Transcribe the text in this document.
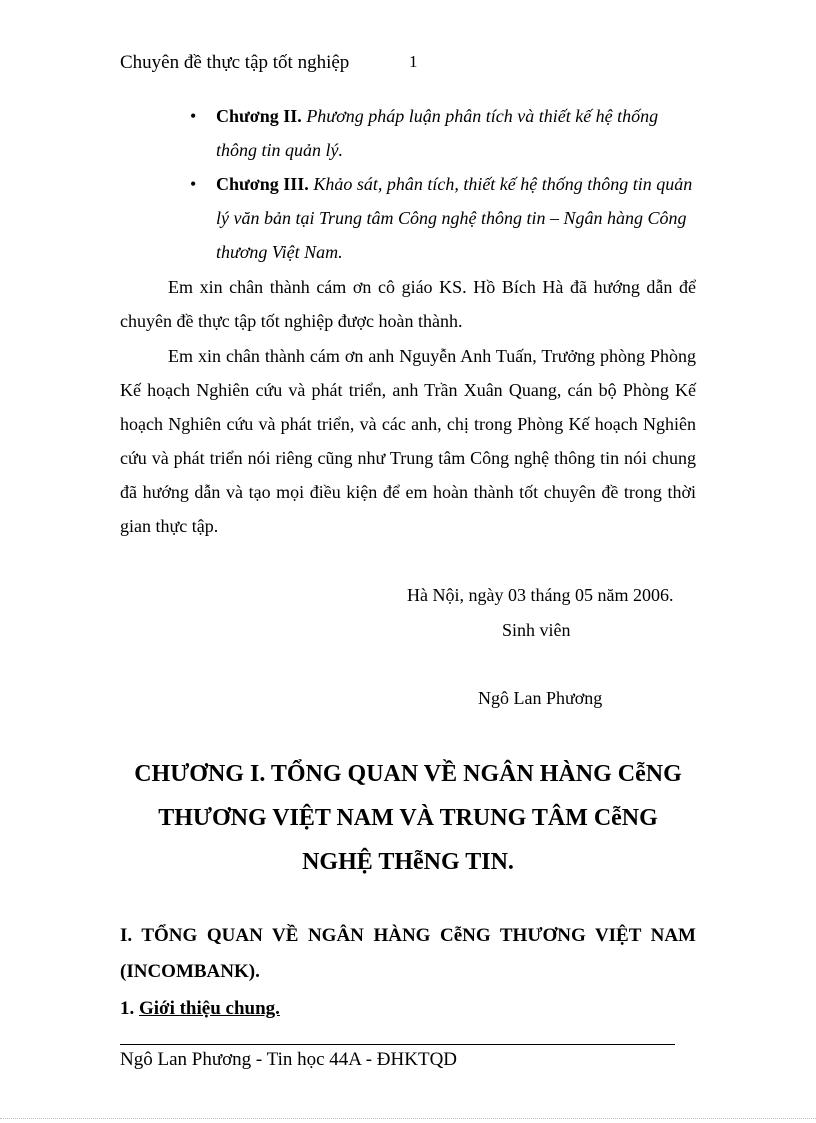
Chuyên đề thực tập tốt nghiệp	1

• Chương II. Phương pháp luận phân tích và thiết kế hệ thống thông tin quản lý.

• Chương III. Khảo sát, phân tích, thiết kế hệ thống thông tin quản lý văn bản tại Trung tâm Công nghệ thông tin – Ngân hàng Công thương Việt Nam.

Em xin chân thành cám ơn cô giáo KS. Hồ Bích Hà đã hướng dẫn để chuyên đề thực tập tốt nghiệp được hoàn thành.

Em xin chân thành cám ơn anh Nguyễn Anh Tuấn, Trưởng phòng Phòng Kế hoạch Nghiên cứu và phát triển, anh Trần Xuân Quang, cán bộ Phòng Kế hoạch Nghiên cứu và phát triển, và các anh, chị trong Phòng Kế hoạch Nghiên cứu và phát triển nói riêng cũng như Trung tâm Công nghệ thông tin nói chung đã hướng dẫn và tạo mọi điều kiện để em hoàn thành tốt chuyên đề trong thời gian thực tập.

Hà Nội, ngày 03 tháng 05 năm 2006.
Sinh viên
Ngô Lan Phương
CHƯƠNG I. TỔNG QUAN VỀ NGÂN HÀNG CễNG
THƯƠNG VIỆT NAM VÀ TRUNG TÂM CễNG
NGHỆ THễNG TIN.
I. TỔNG QUAN VỀ NGÂN HÀNG CễNG THƯƠNG VIỆT NAM (INCOMBANK).
1. Giới thiệu chung.
Ngô Lan Phương - Tin học 44A - ĐHKTQD
